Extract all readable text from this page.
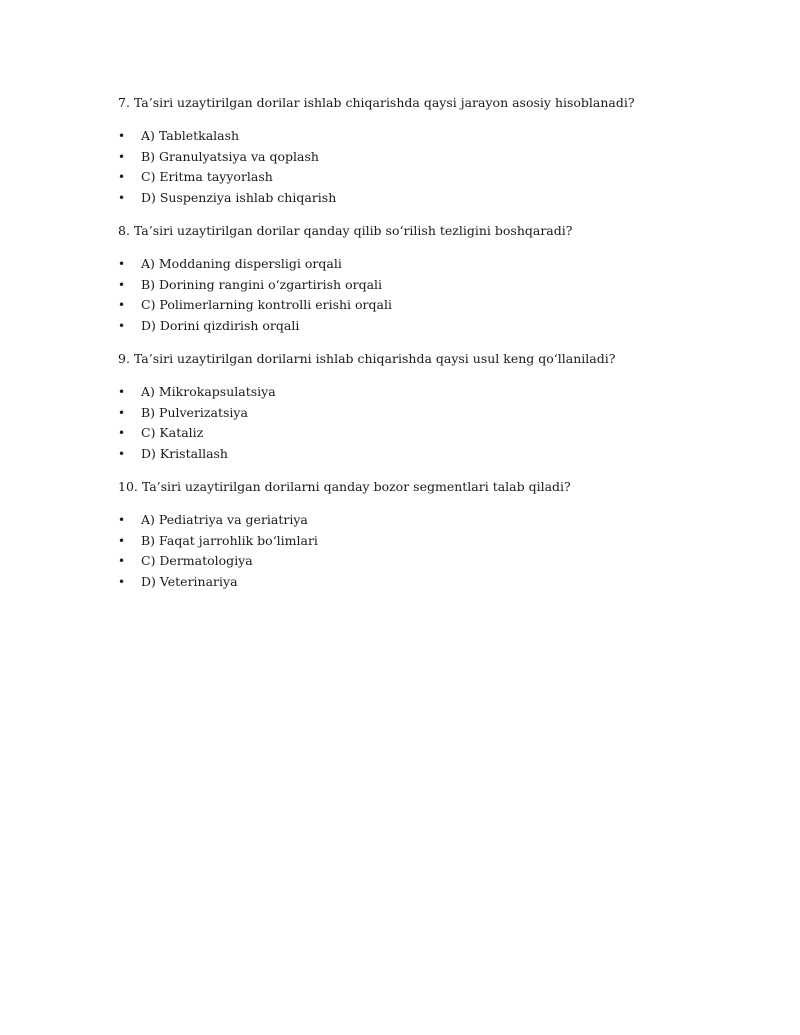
7. Ta’siri uzaytirilgan dorilar ishlab chiqarishda qaysi jarayon asosiy hisoblanadi?

• A) Tabletkalash
• B) Granulyatsiya va qoplash
• C) Eritma tayyorlash
• D) Suspenziya ishlab chiqarish

8. Ta’siri uzaytirilgan dorilar qanday qilib so‘rilish tezligini boshqaradi?

• A) Moddaning dispersligi orqali
• B) Dorining rangini o‘zgartirish orqali
• C) Polimerlarning kontrolli erishi orqali
• D) Dorini qizdirish orqali

9. Ta’siri uzaytirilgan dorilarni ishlab chiqarishda qaysi usul keng qo‘llaniladi?

• A) Mikrokapsulatsiya
• B) Pulverizatsiya
• C) Kataliz
• D) Kristallash

10. Ta’siri uzaytirilgan dorilarni qanday bozor segmentlari talab qiladi?

• A) Pediatriya va geriatriya
• B) Faqat jarrohlik bo‘limlari
• C) Dermatologiya
• D) Veterinariya
